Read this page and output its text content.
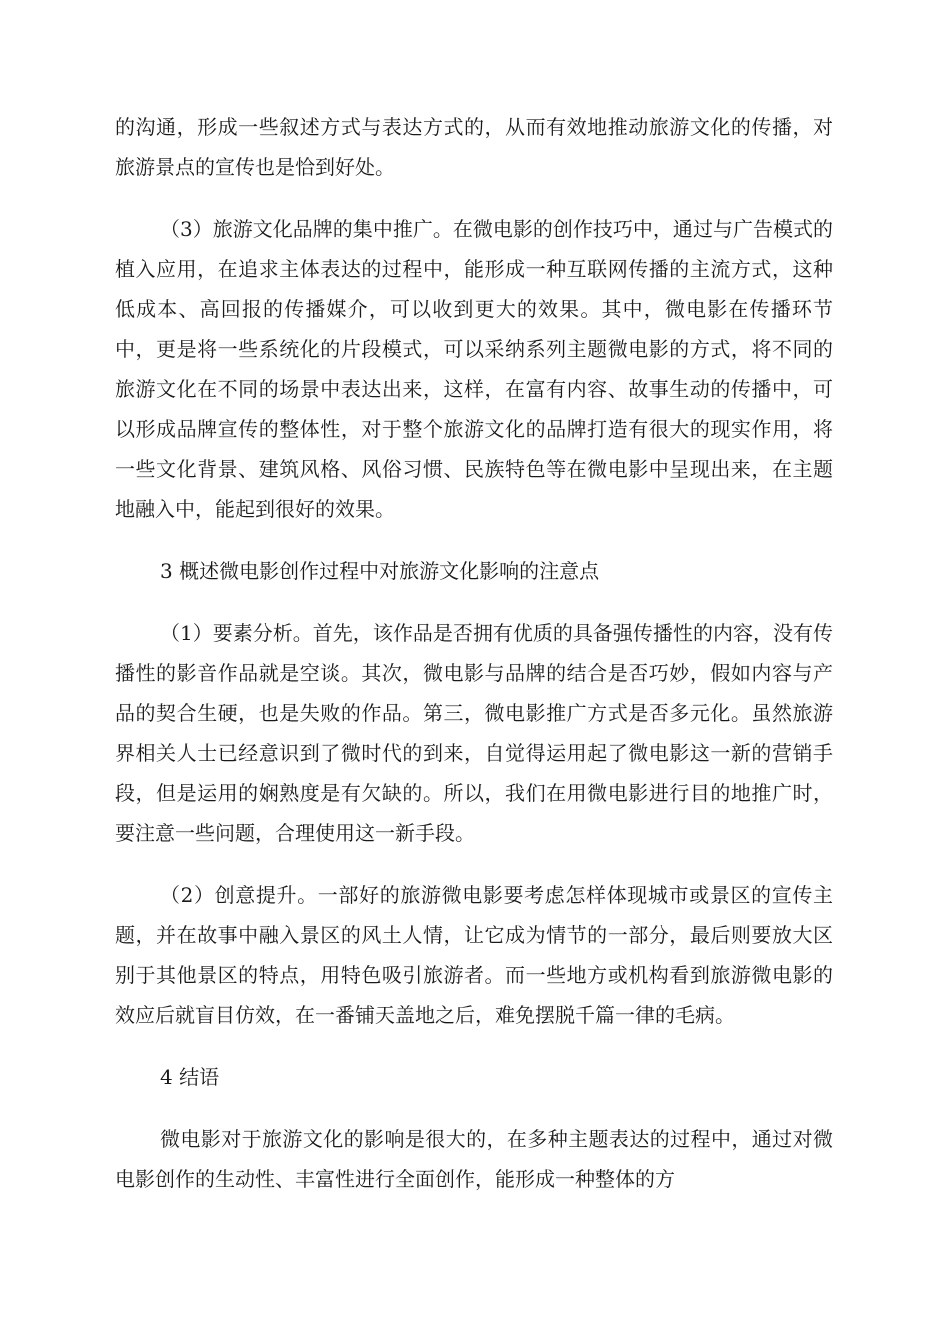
的沟通，形成一些叙述方式与表达方式的，从而有效地推动旅游文化的传播，对旅游景点的宣传也是恰到好处。

（3）旅游文化品牌的集中推广。在微电影的创作技巧中，通过与广告模式的植入应用，在追求主体表达的过程中，能形成一种互联网传播的主流方式，这种低成本、高回报的传播媒介，可以收到更大的效果。其中，微电影在传播环节中，更是将一些系统化的片段模式，可以采纳系列主题微电影的方式，将不同的旅游文化在不同的场景中表达出来，这样，在富有内容、故事生动的传播中，可以形成品牌宣传的整体性，对于整个旅游文化的品牌打造有很大的现实作用，将一些文化背景、建筑风格、风俗习惯、民族特色等在微电影中呈现出来，在主题地融入中，能起到很好的效果。

3 概述微电影创作过程中对旅游文化影响的注意点

（1）要素分析。首先，该作品是否拥有优质的具备强传播性的内容，没有传播性的影音作品就是空谈。其次，微电影与品牌的结合是否巧妙，假如内容与产品的契合生硬，也是失败的作品。第三，微电影推广方式是否多元化。虽然旅游界相关人士已经意识到了微时代的到来，自觉得运用起了微电影这一新的营销手段，但是运用的娴熟度是有欠缺的。所以，我们在用微电影进行目的地推广时，要注意一些问题，合理使用这一新手段。

（2）创意提升。一部好的旅游微电影要考虑怎样体现城市或景区的宣传主题，并在故事中融入景区的风土人情，让它成为情节的一部分，最后则要放大区别于其他景区的特点，用特色吸引旅游者。而一些地方或机构看到旅游微电影的效应后就盲目仿效，在一番铺天盖地之后，难免摆脱千篇一律的毛病。

4 结语

微电影对于旅游文化的影响是很大的，在多种主题表达的过程中，通过对微电影创作的生动性、丰富性进行全面创作，能形成一种整体的方
